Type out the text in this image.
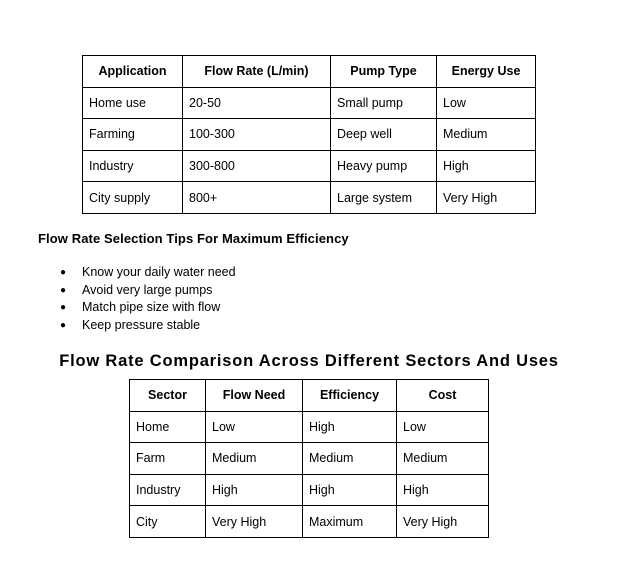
Application	Flow Rate (L/min)	Pump Type	Energy Use
Home use	20-50	Small pump	Low
Farming	100-300	Deep well	Medium
Industry	300-800	Heavy pump	High
City supply	800+	Large system	Very High
Flow Rate Selection Tips For Maximum Efficiency
● Know your daily water need
● Avoid very large pumps
● Match pipe size with flow
● Keep pressure stable
Flow Rate Comparison Across Different Sectors And Uses
Sector	Flow Need	Efficiency	Cost
Home	Low	High	Low
Farm	Medium	Medium	Medium
Industry	High	High	High
City	Very High	Maximum	Very High
